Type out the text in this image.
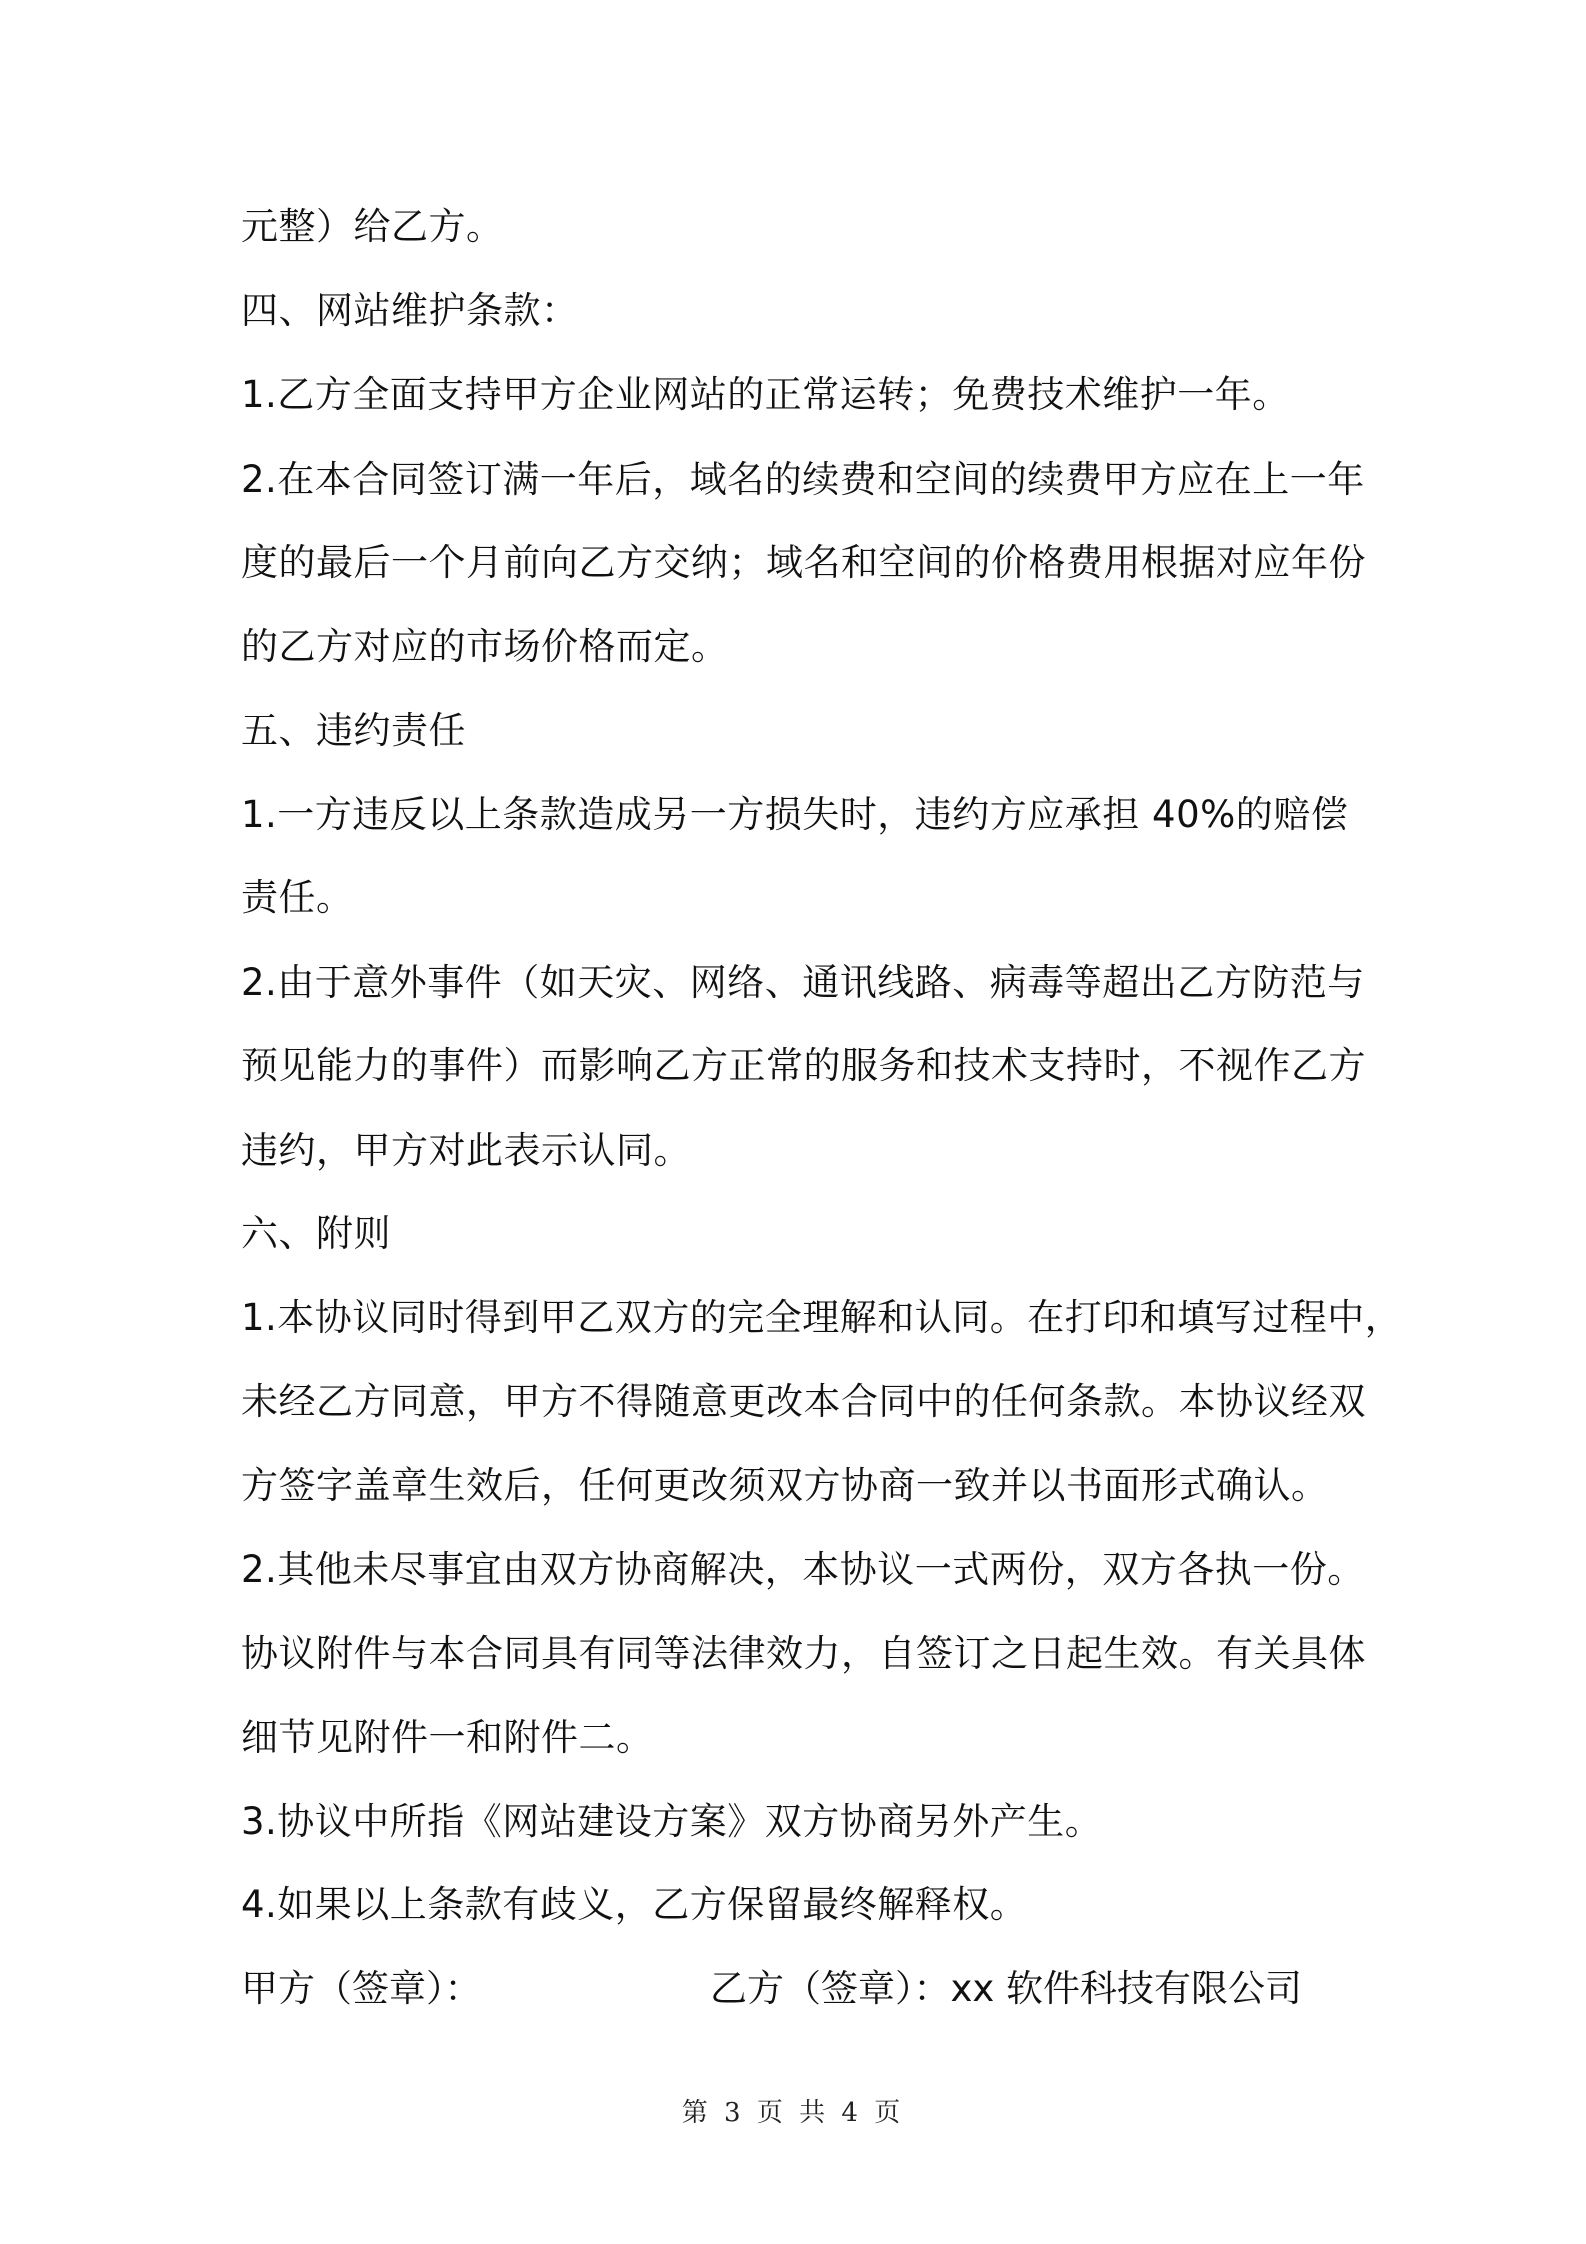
元整）给乙方。
四、网站维护条款：
1.乙方全面支持甲方企业网站的正常运转；免费技术维护一年。
2.在本合同签订满一年后，域名的续费和空间的续费甲方应在上一年
度的最后一个月前向乙方交纳；域名和空间的价格费用根据对应年份
的乙方对应的市场价格而定。
五、违约责任
1.一方违反以上条款造成另一方损失时，违约方应承担 40%的赔偿
责任。
2.由于意外事件（如天灾、网络、通讯线路、病毒等超出乙方防范与
预见能力的事件）而影响乙方正常的服务和技术支持时，不视作乙方
违约，甲方对此表示认同。
六、附则
1.本协议同时得到甲乙双方的完全理解和认同。在打印和填写过程中，
未经乙方同意，甲方不得随意更改本合同中的任何条款。本协议经双
方签字盖章生效后，任何更改须双方协商一致并以书面形式确认。
2.其他未尽事宜由双方协商解决，本协议一式两份，双方各执一份。
协议附件与本合同具有同等法律效力，自签订之日起生效。有关具体
细节见附件一和附件二。
3.协议中所指《网站建设方案》双方协商另外产生。
4.如果以上条款有歧义，乙方保留最终解释权。
甲方（签章）：	乙方（签章）：xx 软件科技有限公司
第 3 页 共 4 页
